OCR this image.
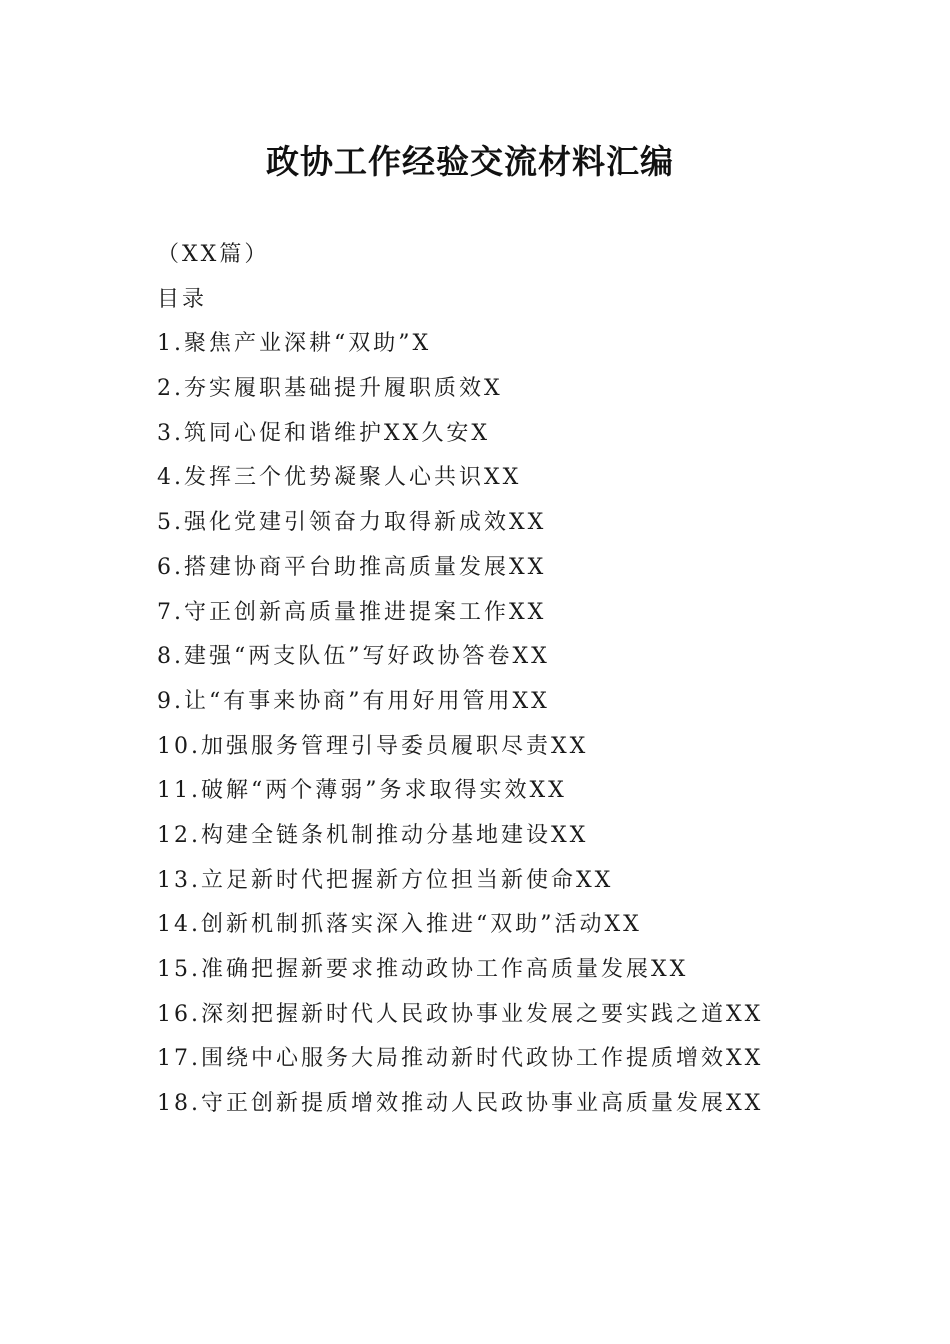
政协工作经验交流材料汇编
（XX篇）
目录
1.聚焦产业深耕“双助”X
2.夯实履职基础提升履职质效X
3.筑同心促和谐维护XX久安X
4.发挥三个优势凝聚人心共识XX
5.强化党建引领奋力取得新成效XX
6.搭建协商平台助推高质量发展XX
7.守正创新高质量推进提案工作XX
8.建强“两支队伍”写好政协答卷XX
9.让“有事来协商”有用好用管用XX
10.加强服务管理引导委员履职尽责XX
11.破解“两个薄弱”务求取得实效XX
12.构建全链条机制推动分基地建设XX
13.立足新时代把握新方位担当新使命XX
14.创新机制抓落实深入推进“双助”活动XX
15.准确把握新要求推动政协工作高质量发展XX
16.深刻把握新时代人民政协事业发展之要实践之道XX
17.围绕中心服务大局推动新时代政协工作提质增效XX
18.守正创新提质增效推动人民政协事业高质量发展XX
